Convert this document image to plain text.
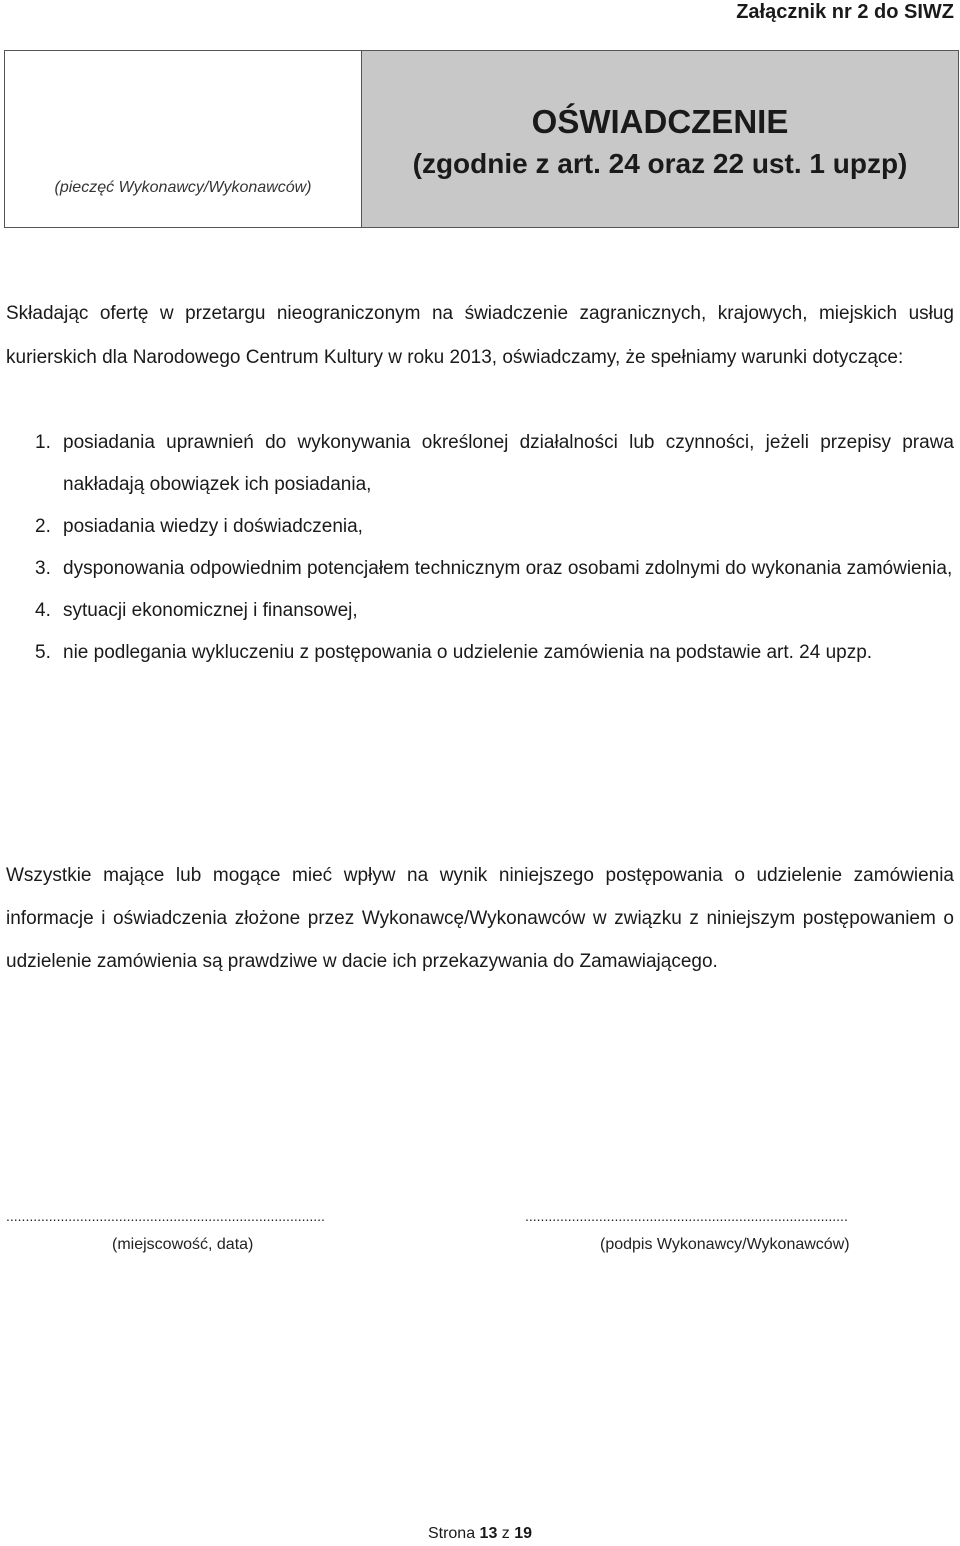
Załącznik nr 2 do SIWZ
(pieczęć Wykonawcy/Wykonawców)
OŚWIADCZENIE
(zgodnie z art. 24 oraz 22 ust. 1 upzp)
Składając ofertę w przetargu nieograniczonym na świadczenie zagranicznych, krajowych, miejskich usług kurierskich dla Narodowego Centrum Kultury w roku 2013, oświadczamy, że spełniamy warunki dotyczące:
1. posiadania uprawnień do wykonywania określonej działalności lub czynności, jeżeli przepisy prawa nakładają obowiązek ich posiadania,
2. posiadania wiedzy i doświadczenia,
3. dysponowania odpowiednim potencjałem technicznym oraz osobami zdolnymi do wykonania zamówienia,
4. sytuacji ekonomicznej i finansowej,
5. nie podlegania wykluczeniu z postępowania o udzielenie zamówienia na podstawie art. 24 upzp.
Wszystkie mające lub mogące mieć wpływ na wynik niniejszego postępowania o udzielenie zamówienia informacje i oświadczenia złożone przez Wykonawcę/Wykonawców w związku z niniejszym postępowaniem o udzielenie zamówienia są prawdziwe w dacie ich przekazywania do Zamawiającego.
..................................................................................	...................................................................................
(miejscowość, data)	(podpis Wykonawcy/Wykonawców)
Strona 13 z 19
